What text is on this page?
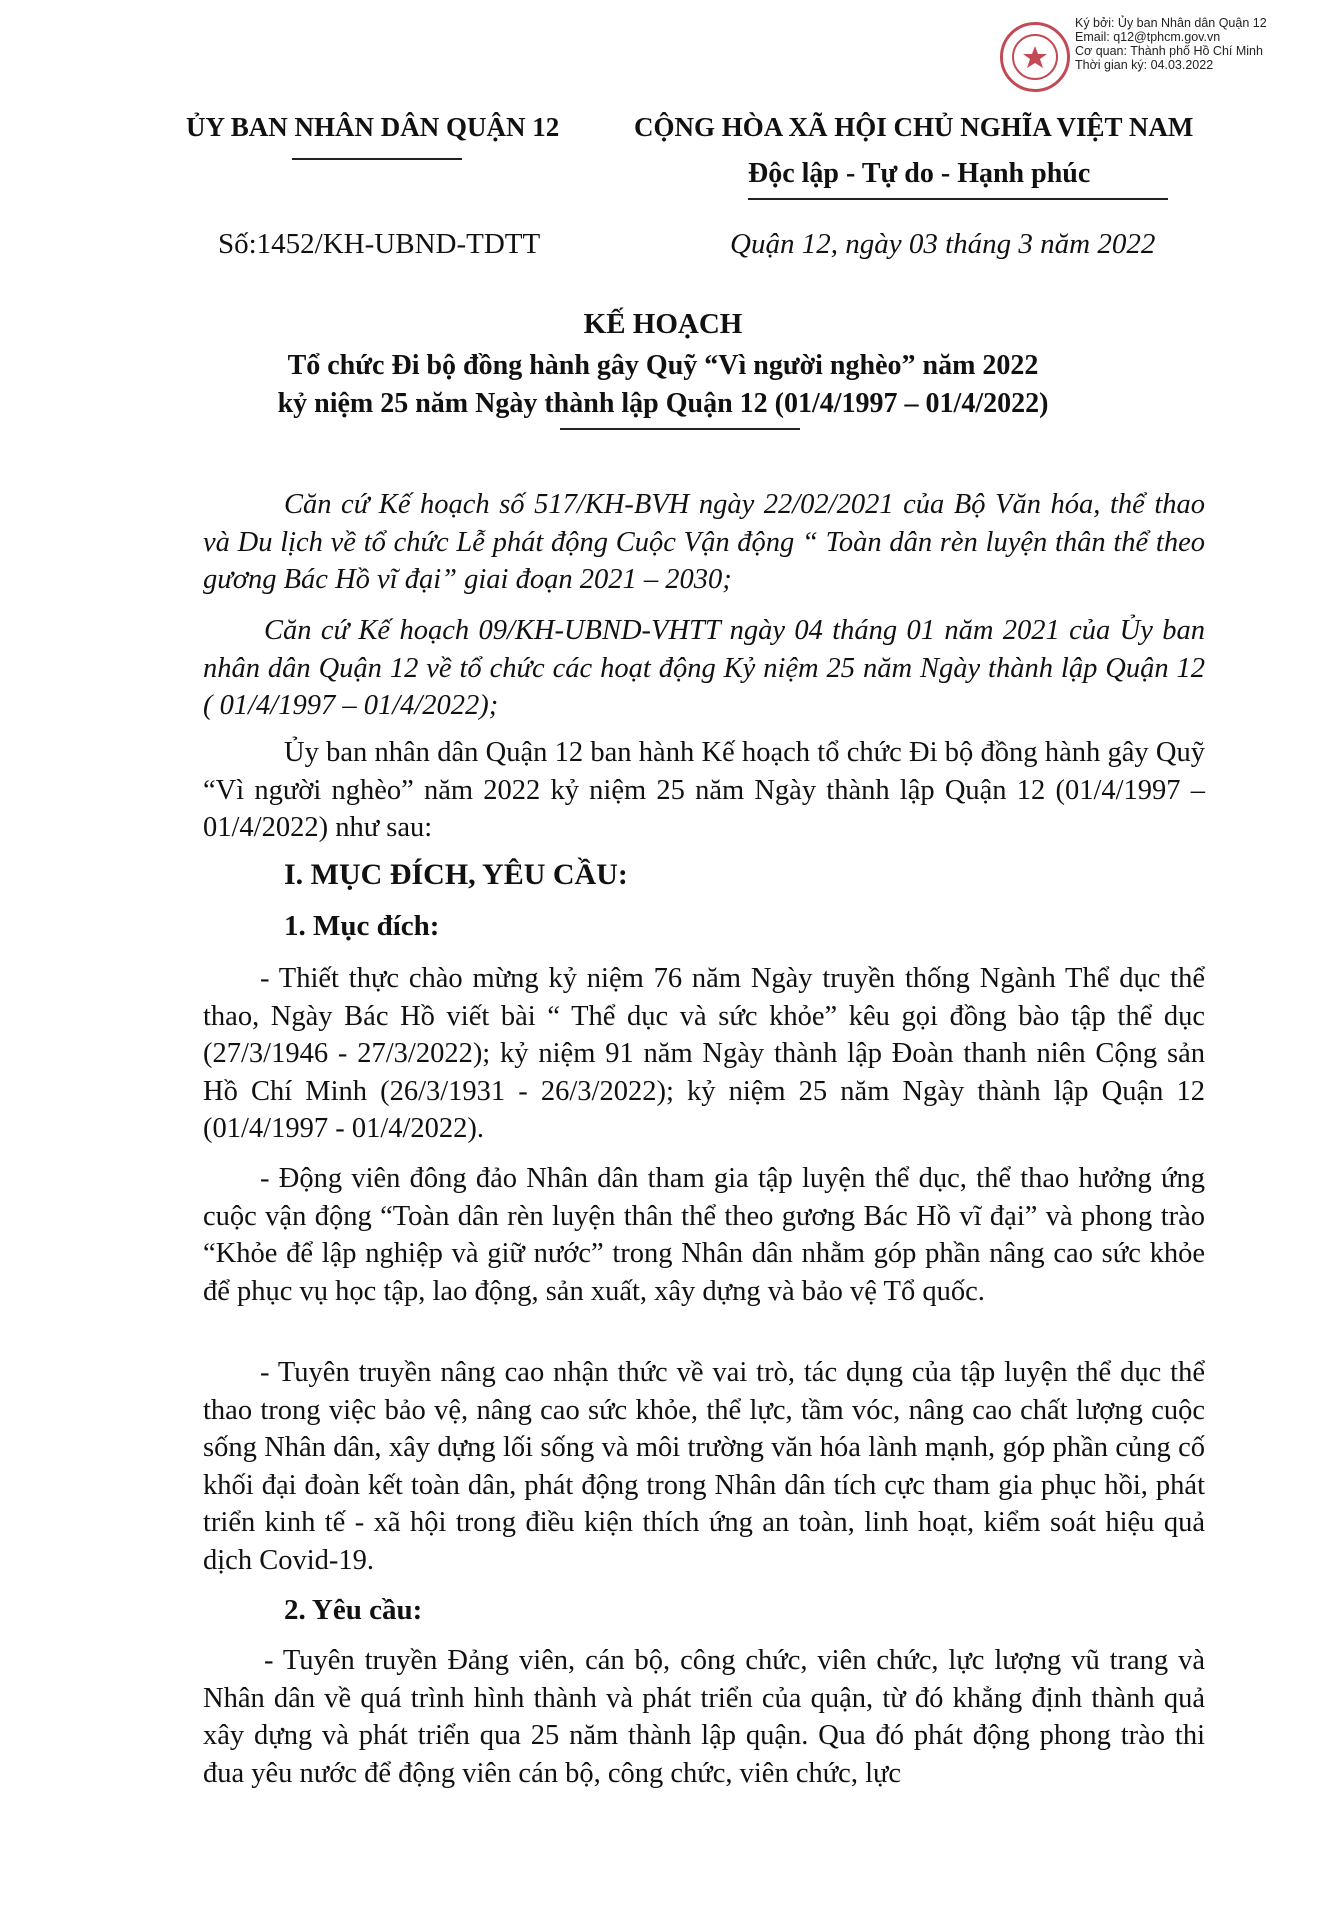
Ký bởi: Ủy ban Nhân dân Quận 12
Email: q12@tphcm.gov.vn
Cơ quan: Thành phố Hồ Chí Minh
Thời gian ký: 04.03.2022
ỦY BAN NHÂN DÂN QUẬN 12	CỘNG HÒA XÃ HỘI CHỦ NGHĨA VIỆT NAM
Độc lập - Tự do - Hạnh phúc
Số:1452/KH-UBND-TDTT	Quận 12, ngày 03 tháng 3 năm 2022
KẾ HOẠCH
Tổ chức Đi bộ đồng hành gây Quỹ “Vì người nghèo” năm 2022
kỷ niệm 25 năm Ngày thành lập Quận 12 (01/4/1997 – 01/4/2022)
Căn cứ Kế hoạch số 517/KH-BVH ngày 22/02/2021 của Bộ Văn hóa, thể thao và Du lịch về tổ chức Lễ phát động Cuộc Vận động “ Toàn dân rèn luyện thân thể theo gương Bác Hồ vĩ đại” giai đoạn 2021 – 2030;
Căn cứ Kế hoạch 09/KH-UBND-VHTT ngày 04 tháng 01 năm 2021 của Ủy ban nhân dân Quận 12 về tổ chức các hoạt động Kỷ niệm 25 năm Ngày thành lập Quận 12 ( 01/4/1997 – 01/4/2022);
Ủy ban nhân dân Quận 12 ban hành Kế hoạch tổ chức Đi bộ đồng hành gây Quỹ “Vì người nghèo” năm 2022 kỷ niệm 25 năm Ngày thành lập Quận 12 (01/4/1997 – 01/4/2022) như sau:
I. MỤC ĐÍCH, YÊU CẦU:
1. Mục đích:
- Thiết thực chào mừng kỷ niệm 76 năm Ngày truyền thống Ngành Thể dục thể thao, Ngày Bác Hồ viết bài “ Thể dục và sức khỏe” kêu gọi đồng bào tập thể dục (27/3/1946 - 27/3/2022); kỷ niệm 91 năm Ngày thành lập Đoàn thanh niên Cộng sản Hồ Chí Minh (26/3/1931 - 26/3/2022); kỷ niệm 25 năm Ngày thành lập Quận 12 (01/4/1997 - 01/4/2022).
- Động viên đông đảo Nhân dân tham gia tập luyện thể dục, thể thao hưởng ứng cuộc vận động “Toàn dân rèn luyện thân thể theo gương Bác Hồ vĩ đại” và phong trào “Khỏe để lập nghiệp và giữ nước” trong Nhân dân nhằm góp phần nâng cao sức khỏe để phục vụ học tập, lao động, sản xuất, xây dựng và bảo vệ Tổ quốc.
- Tuyên truyền nâng cao nhận thức về vai trò, tác dụng của tập luyện thể dục thể thao trong việc bảo vệ, nâng cao sức khỏe, thể lực, tầm vóc, nâng cao chất lượng cuộc sống Nhân dân, xây dựng lối sống và môi trường văn hóa lành mạnh, góp phần củng cố khối đại đoàn kết toàn dân, phát động trong Nhân dân tích cực tham gia phục hồi, phát triển kinh tế - xã hội trong điều kiện thích ứng an toàn, linh hoạt, kiểm soát hiệu quả dịch Covid-19.
2. Yêu cầu:
- Tuyên truyền Đảng viên, cán bộ, công chức, viên chức, lực lượng vũ trang và Nhân dân về quá trình hình thành và phát triển của quận, từ đó khẳng định thành quả xây dựng và phát triển qua 25 năm thành lập quận. Qua đó phát động phong trào thi đua yêu nước để động viên cán bộ, công chức, viên chức, lực
